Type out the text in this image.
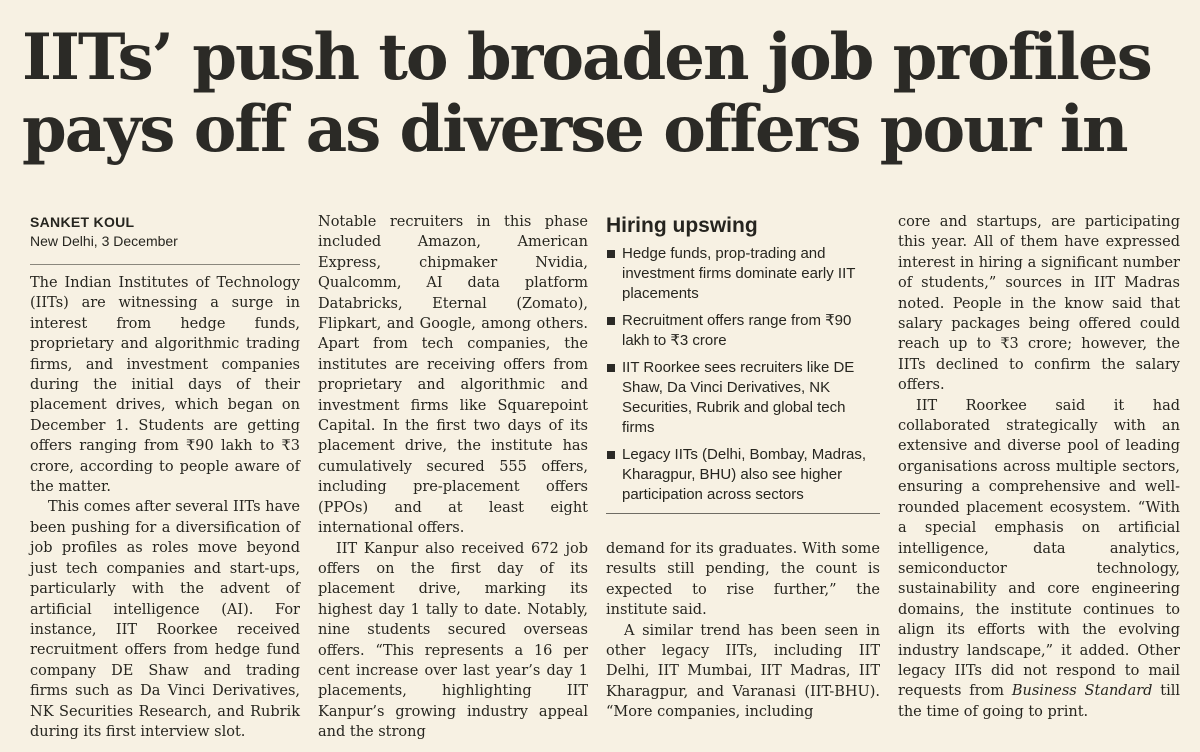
IITs’ push to broaden job profiles
pays off as diverse offers pour in
SANKET KOUL
New Delhi, 3 December

The Indian Institutes of Technology (IITs) are witnessing a surge in interest from hedge funds, proprietary and algorithmic trading firms, and investment companies during the initial days of their placement drives, which began on December 1. Students are getting offers ranging from ₹90 lakh to ₹3 crore, according to people aware of the matter.

This comes after several IITs have been pushing for a diversification of job profiles as roles move beyond just tech companies and start-ups, particularly with the advent of artificial intelligence (AI). For instance, IIT Roorkee received recruitment offers from hedge fund company DE Shaw and trading firms such as Da Vinci Derivatives, NK Securities Research, and Rubrik during its first interview slot.

Notable recruiters in this phase included Amazon, American Express, chipmaker Nvidia, Qualcomm, AI data platform Databricks, Eternal (Zomato), Flipkart, and Google, among others. Apart from tech companies, the institutes are receiving offers from proprietary and algorithmic and investment firms like Squarepoint Capital. In the first two days of its placement drive, the institute has cumulatively secured 555 offers, including pre-placement offers (PPOs) and at least eight international offers.

IIT Kanpur also received 672 job offers on the first day of its placement drive, marking its highest day 1 tally to date. Notably, nine students secured overseas offers. “This represents a 16 per cent increase over last year’s day 1 placements, highlighting IIT Kanpur’s growing industry appeal and the strong

Hiring upswing
Hedge funds, prop-trading and investment firms dominate early IIT placements
Recruitment offers range from ₹90 lakh to ₹3 crore
IIT Roorkee sees recruiters like DE Shaw, Da Vinci Derivatives, NK Securities, Rubrik and global tech firms
Legacy IITs (Delhi, Bombay, Madras, Kharagpur, BHU) also see higher participation across sectors

demand for its graduates. With some results still pending, the count is expected to rise further,” the institute said.

A similar trend has been seen in other legacy IITs, including IIT Delhi, IIT Mumbai, IIT Madras, IIT Kharagpur, and Varanasi (IIT-BHU). “More companies, including

core and startups, are participating this year. All of them have expressed interest in hiring a significant number of students,” sources in IIT Madras noted. People in the know said that salary packages being offered could reach up to ₹3 crore; however, the IITs declined to confirm the salary offers.

IIT Roorkee said it had collaborated strategically with an extensive and diverse pool of leading organisations across multiple sectors, ensuring a comprehensive and well-rounded placement ecosystem. “With a special emphasis on artificial intelligence, data analytics, semiconductor technology, sustainability and core engineering domains, the institute continues to align its efforts with the evolving industry landscape,” it added. Other legacy IITs did not respond to mail requests from Business Standard till the time of going to print.
